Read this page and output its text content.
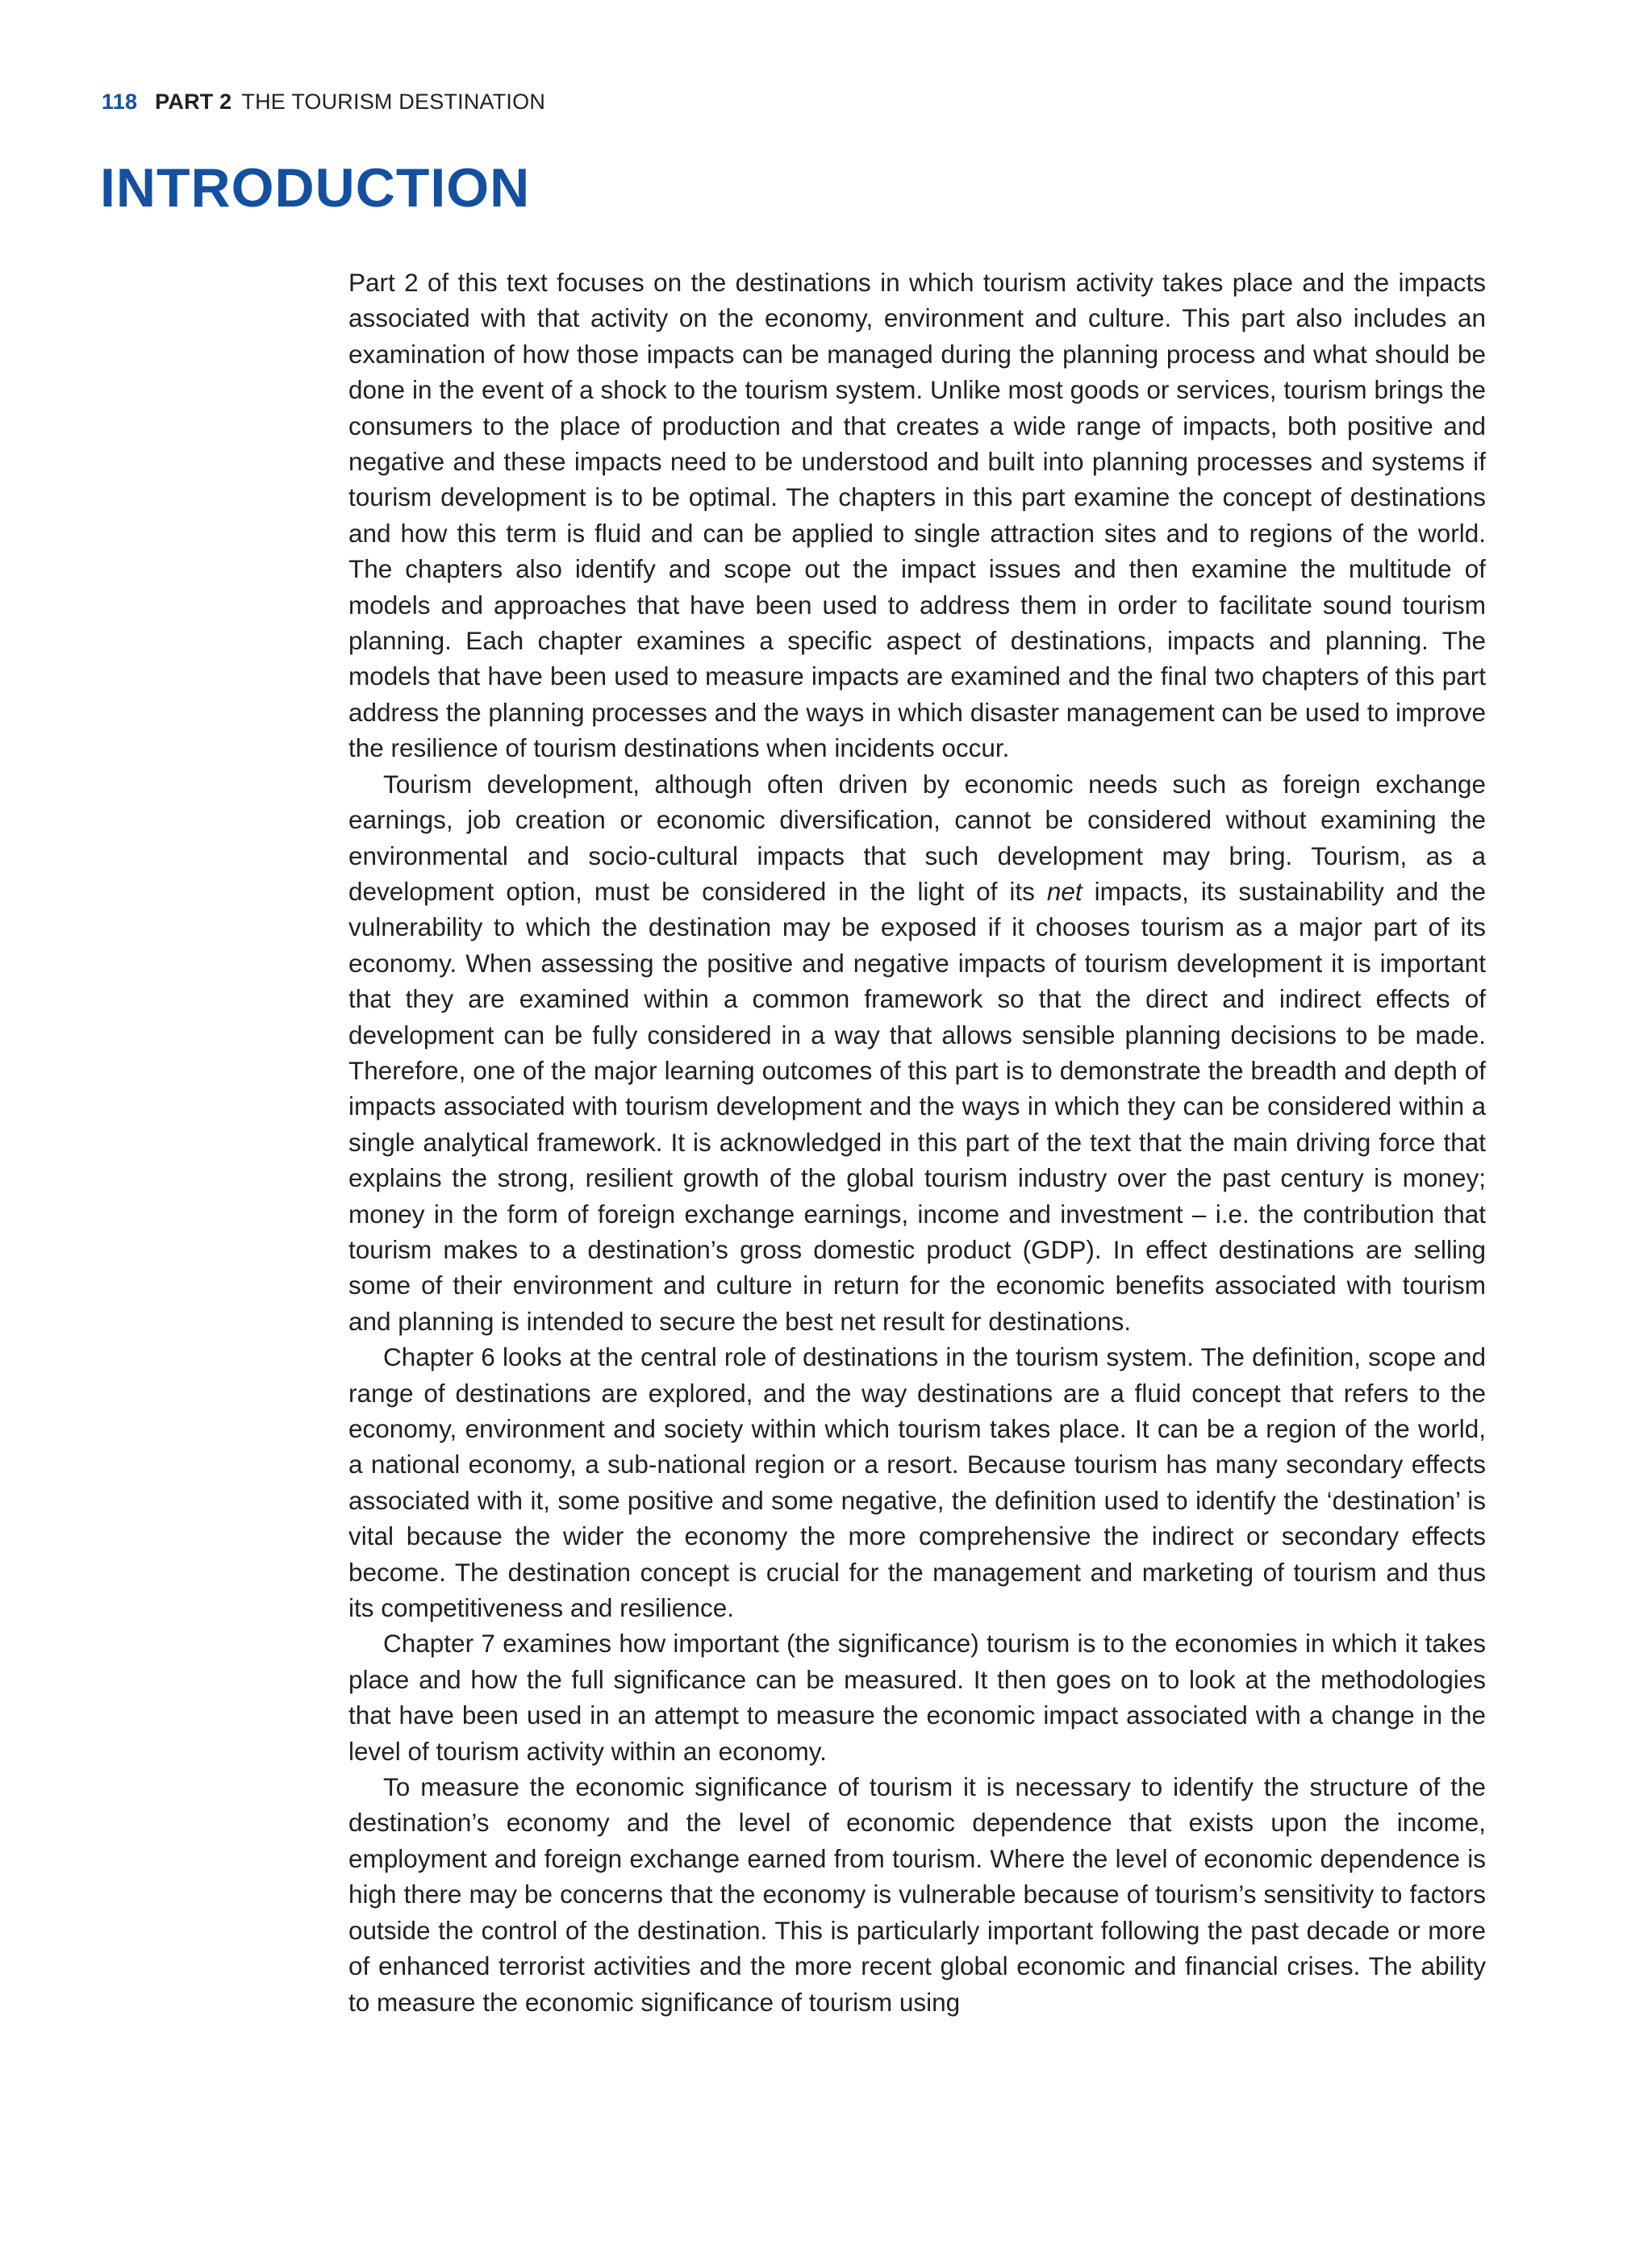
118 PART 2 THE TOURISM DESTINATION
INTRODUCTION

Part 2 of this text focuses on the destinations in which tourism activity takes place and the impacts associated with that activity on the economy, environment and culture. This part also includes an examination of how those impacts can be managed during the planning process and what should be done in the event of a shock to the tourism system. Unlike most goods or services, tourism brings the consumers to the place of production and that creates a wide range of impacts, both positive and negative and these impacts need to be understood and built into planning processes and systems if tourism development is to be optimal. The chapters in this part examine the concept of destinations and how this term is fluid and can be applied to single attraction sites and to regions of the world. The chapters also identify and scope out the impact issues and then examine the multitude of models and approaches that have been used to address them in order to facilitate sound tourism planning. Each chapter examines a specific aspect of destinations, impacts and planning. The models that have been used to measure impacts are examined and the final two chapters of this part address the planning processes and the ways in which disaster management can be used to improve the resilience of tourism destinations when incidents occur.

Tourism development, although often driven by economic needs such as foreign exchange earnings, job creation or economic diversification, cannot be considered without examining the environmental and socio-cultural impacts that such development may bring. Tourism, as a development option, must be considered in the light of its net impacts, its sustainability and the vulnerability to which the destination may be exposed if it chooses tourism as a major part of its economy. When assessing the positive and negative impacts of tourism development it is important that they are examined within a common framework so that the direct and indirect effects of development can be fully considered in a way that allows sensible planning decisions to be made. Therefore, one of the major learning outcomes of this part is to demonstrate the breadth and depth of impacts associated with tourism development and the ways in which they can be considered within a single analytical framework. It is acknowledged in this part of the text that the main driving force that explains the strong, resilient growth of the global tourism industry over the past century is money; money in the form of foreign exchange earnings, income and investment – i.e. the contribution that tourism makes to a destination’s gross domestic product (GDP). In effect destinations are selling some of their environment and culture in return for the economic benefits associated with tourism and planning is intended to secure the best net result for destinations.

Chapter 6 looks at the central role of destinations in the tourism system. The definition, scope and range of destinations are explored, and the way destinations are a fluid concept that refers to the economy, environment and society within which tourism takes place. It can be a region of the world, a national economy, a sub-national region or a resort. Because tourism has many secondary effects associated with it, some positive and some negative, the definition used to identify the ‘destination’ is vital because the wider the economy the more comprehensive the indirect or secondary effects become. The destination concept is crucial for the management and marketing of tourism and thus its competitiveness and resilience.

Chapter 7 examines how important (the significance) tourism is to the economies in which it takes place and how the full significance can be measured. It then goes on to look at the methodologies that have been used in an attempt to measure the economic impact associated with a change in the level of tourism activity within an economy.

To measure the economic significance of tourism it is necessary to identify the structure of the destination’s economy and the level of economic dependence that exists upon the income, employment and foreign exchange earned from tourism. Where the level of economic dependence is high there may be concerns that the economy is vulnerable because of tourism’s sensitivity to factors outside the control of the destination. This is particularly important following the past decade or more of enhanced terrorist activities and the more recent global economic and financial crises. The ability to measure the economic significance of tourism using
